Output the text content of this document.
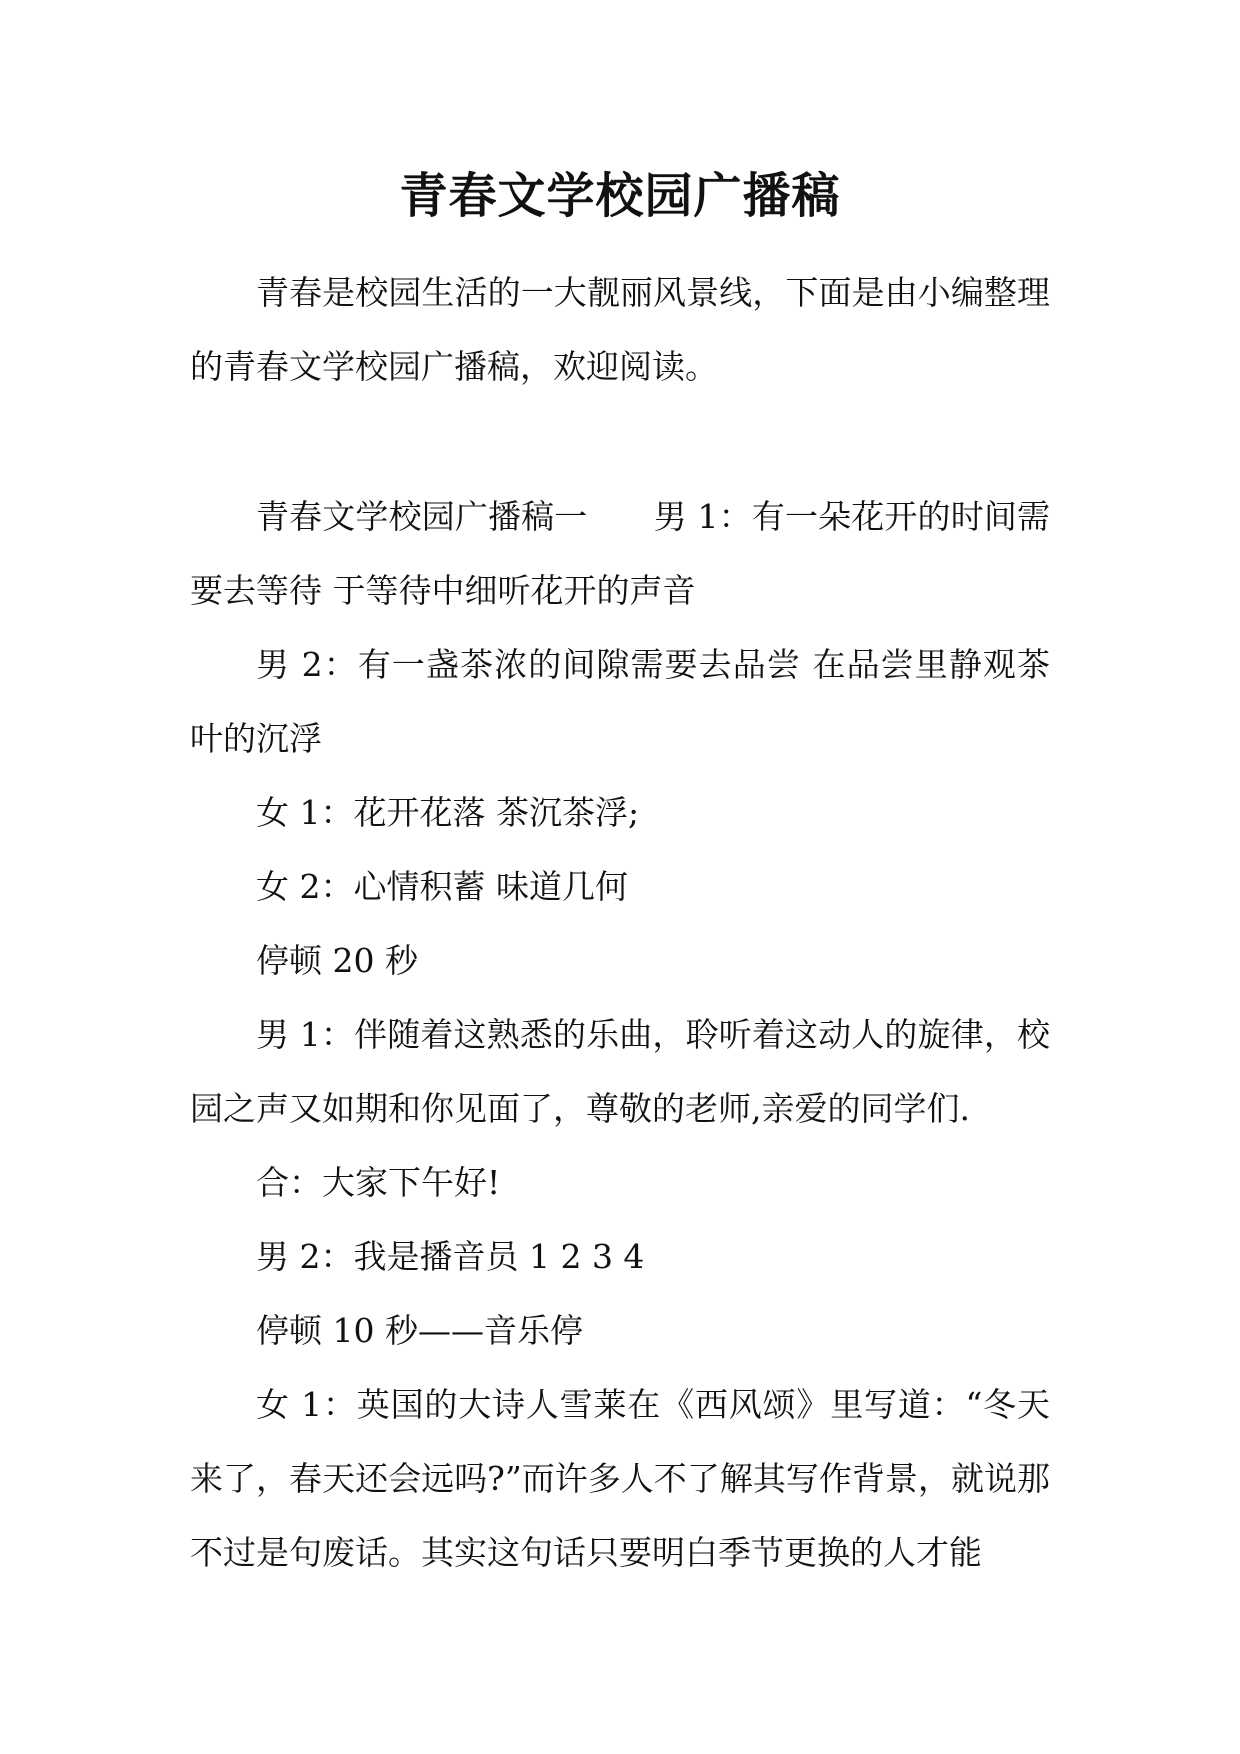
青春文学校园广播稿

青春是校园生活的一大靓丽风景线，下面是由小编整理的青春文学校园广播稿，欢迎阅读。

青春文学校园广播稿一　　男 1：有一朵花开的时间需要去等待 于等待中细听花开的声音

男 2：有一盏茶浓的间隙需要去品尝 在品尝里静观茶叶的沉浮

女 1：花开花落 茶沉茶浮;

女 2：心情积蓄 味道几何

停顿 20 秒

男 1：伴随着这熟悉的乐曲，聆听着这动人的旋律，校园之声又如期和你见面了，尊敬的老师,亲爱的同学们.

合：大家下午好!

男 2：我是播音员 1 2 3 4

停顿 10 秒——音乐停

女 1：英国的大诗人雪莱在《西风颂》里写道：“冬天来了，春天还会远吗?”而许多人不了解其写作背景，就说那不过是句废话。其实这句话只要明白季节更换的人才能
